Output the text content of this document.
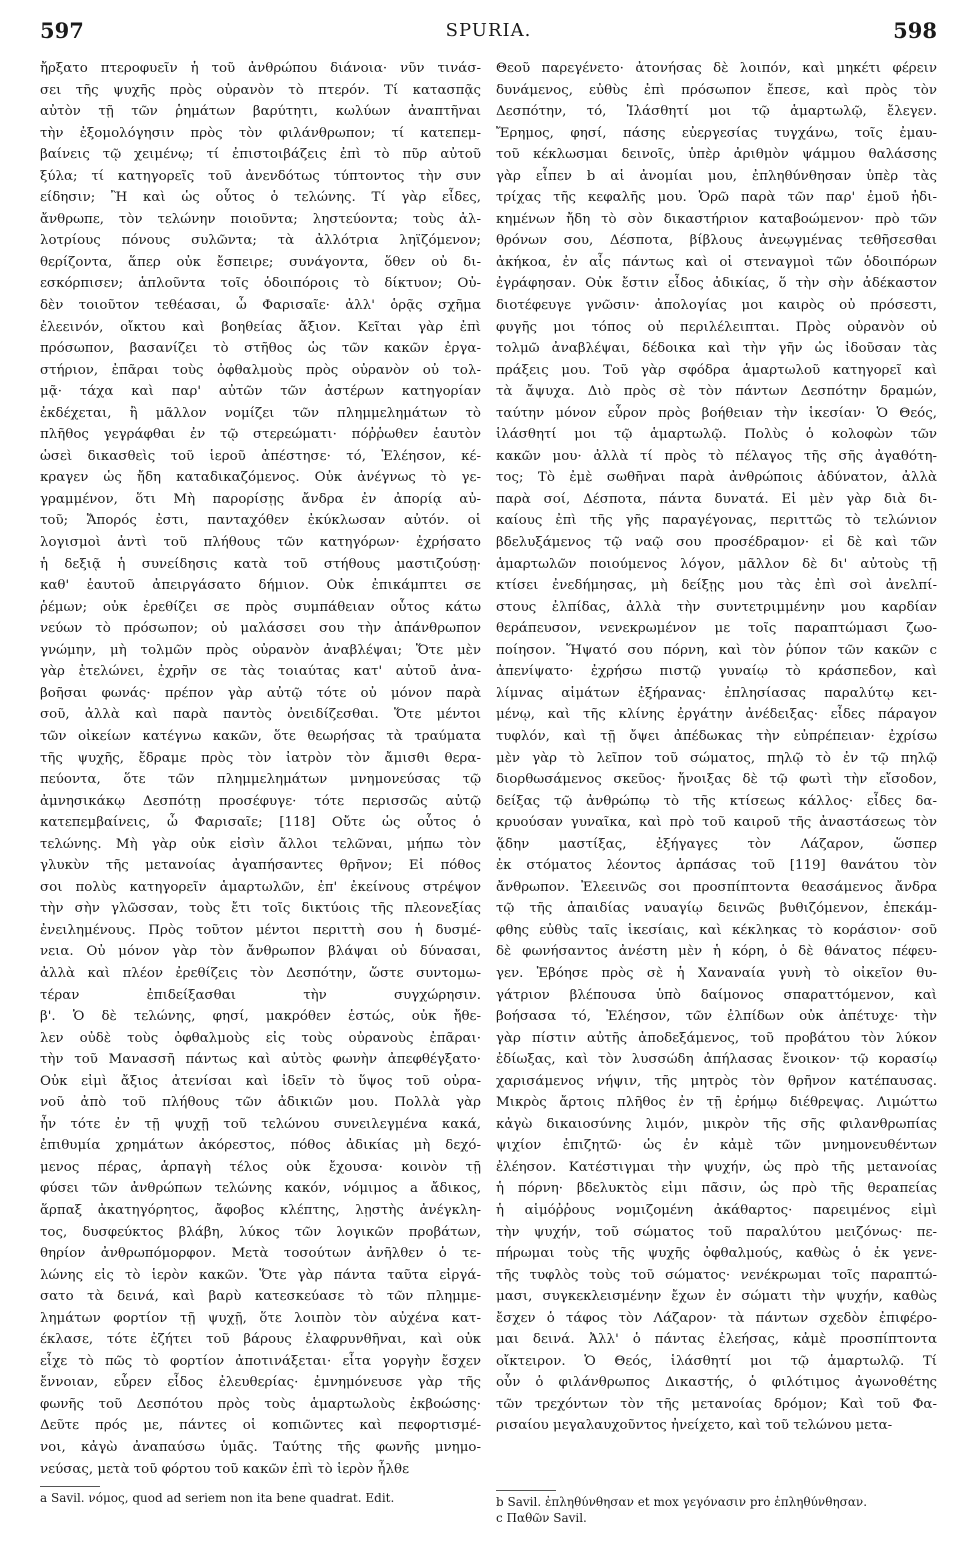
597	SPURIA.	598
ἤρξατο πτεροφυεῖν ἡ τοῦ ἀνθρώπου διάνοια· νῦν τινάσ-
σει τῆς ψυχῆς πρὸς οὐρανὸν τὸ πτερόν. Τί κατασπᾷς
αὐτὸν τῇ τῶν ῥημάτων βαρύτητι, κωλύων ἀναπτῆναι
τὴν ἐξομολόγησιν πρὸς τὸν φιλάνθρωπον; τί κατεπεμ-
βαίνεις τῷ χειμένῳ; τί ἐπιστοιβάζεις ἐπὶ τὸ πῦρ αὐτοῦ
ξύλα; τί κατηγορεῖς τοῦ ἀνενδότως τύπτοντος τὴν συν
είδησιν; Ἢ καὶ ὡς οὗτος ὁ τελώνης. Τί γὰρ εἶδες,
ἄνθρωπε, τὸν τελώνην ποιοῦντα; ληστεύοντα; τοὺς ἀλ-
λοτρίους πόνους συλῶντα; τὰ ἀλλότρια ληϊζόμενον;
θερίζοντα, ἅπερ οὐκ ἔσπειρε; συνάγοντα, ὅθεν οὐ δι-
εσκόρπισεν; ἁπλοῦντα τοῖς ὁδοιπόροις τὸ δίκτυον; Οὐ-
δὲν τοιοῦτον τεθέασαι, ὦ Φαρισαῖε· ἀλλ' ὁρᾷς σχῆμα
ἐλεεινόν, οἴκτου καὶ βοηθείας ἄξιον. Κεῖται γὰρ ἐπὶ
πρόσωπον, βασανίζει τὸ στῆθος ὡς τῶν κακῶν ἐργα-
στήριον, ἐπᾶραι τοὺς ὀφθαλμοὺς πρὸς οὐρανὸν οὐ τολ-
μᾷ· τάχα καὶ παρ' αὐτῶν τῶν ἀστέρων κατηγορίαν
ἐκδέχεται, ἢ μᾶλλον νομίζει τῶν πλημμελημάτων τὸ
πλῆθος γεγράφθαι ἐν τῷ στερεώματι· πόῤῥωθεν ἑαυτὸν
ὡσεὶ δικασθεὶς τοῦ ἱεροῦ ἀπέστησε· τό, Ἐλέησον, κέ-
κραγεν ὡς ἤδη καταδικαζόμενος. Οὐκ ἀνέγνως τὸ γε-
γραμμένον, ὅτι Μὴ παρορίσῃς ἄνδρα ἐν ἀπορίᾳ αὐ-
τοῦ; Ἄπορός ἐστι, πανταχόθεν ἐκύκλωσαν αὐτόν. οἱ
λογισμοὶ ἀντὶ τοῦ πλήθους τῶν κατηγόρων· ἐχρήσατο
ἡ δεξιᾷ ἡ συνείδησις κατὰ τοῦ στήθους μαστιζούσῃ·
καθ' ἑαυτοῦ ἀπειργάσατο δήμιον. Οὐκ ἐπικάμπτει σε
ῥέμων; οὐκ ἐρεθίζει σε πρὸς συμπάθειαν οὗτος κάτω
νεύων τὸ πρόσωπον; οὐ μαλάσσει σου τὴν ἀπάνθρωπον
γνώμην, μὴ τολμῶν πρὸς οὐρανὸν ἀναβλέψαι; Ὅτε μὲν
γὰρ ἐτελώνει, ἐχρῆν σε τὰς τοιαύτας κατ' αὐτοῦ ἀνα-
βοῆσαι φωνάς· πρέπον γὰρ αὐτῷ τότε οὐ μόνον παρὰ
σοῦ, ἀλλὰ καὶ παρὰ παντὸς ὀνειδίζεσθαι. Ὅτε μέντοι
τῶν οἰκείων κατέγνω κακῶν, ὅτε θεωρήσας τὰ τραύματα
τῆς ψυχῆς, ἔδραμε πρὸς τὸν ἰατρὸν τὸν ἄμισθι θερα-
πεύοντα, ὅτε τῶν πλημμελημάτων μνημονεύσας τῷ
ἀμνησικάκῳ Δεσπότῃ προσέφυγε· τότε περισσῶς αὐτῷ
κατεπεμβαίνεις, ὦ Φαρισαῖε; [118] Οὔτε ὡς οὗτος ὁ
τελώνης. Μὴ γὰρ οὐκ εἰσὶν ἄλλοι τελῶναι, μήπω τὸν
γλυκὺν τῆς μετανοίας ἀγαπήσαντες θρῆνον; Εἰ πόθος
σοι πολὺς κατηγορεῖν ἁμαρτωλῶν, ἐπ' ἐκείνους στρέψον
τὴν σὴν γλῶσσαν, τοὺς ἔτι τοῖς δικτύοις τῆς πλεονεξίας
ἐνειλημένους. Πρὸς τοῦτον μέντοι περιττὴ σου ἡ δυσμέ-
νεια. Οὐ μόνον γὰρ τὸν ἄνθρωπον βλάψαι οὐ δύνασαι,
ἀλλὰ καὶ πλέον ἐρεθίζεις τὸν Δεσπότην, ὥστε συντομω-
τέραν ἐπιδείξασθαι τὴν συγχώρησιν.
β'. Ὁ δὲ τελώνης, φησί, μακρόθεν ἑστώς, οὐκ ἤθε-
λεν οὐδὲ τοὺς ὀφθαλμοὺς εἰς τοὺς οὐρανοὺς ἐπᾶραι·
τὴν τοῦ Μανασσῆ πάντως καὶ αὐτὸς φωνὴν ἀπεφθέγξατο·
Οὐκ εἰμὶ ἄξιος ἀτενίσαι καὶ ἰδεῖν τὸ ὕψος τοῦ οὐρα-
νοῦ ἀπὸ τοῦ πλήθους τῶν ἀδικιῶν μου. Πολλὰ γὰρ
ἦν τότε ἐν τῇ ψυχῇ τοῦ τελώνου συνειλεγμένα κακά,
ἐπιθυμία χρημάτων ἀκόρεστος, πόθος ἀδικίας μὴ δεχό-
μενος πέρας, ἁρπαγὴ τέλος οὐκ ἔχουσα· κοινὸν τῇ
φύσει τῶν ἀνθρώπων τελώνης κακόν, νόμιμος a ἄδικος,
ἅρπαξ ἀκατηγόρητος, ἄφοβος κλέπτης, λῃστὴς ἀνέγκλη-
τος, δυσφεύκτος βλάβη, λύκος τῶν λογικῶν προβάτων,
θηρίον ἀνθρωπόμορφον. Μετὰ τοσούτων ἀνῆλθεν ὁ τε-
λώνης εἰς τὸ ἱερὸν κακῶν. Ὅτε γὰρ πάντα ταῦτα εἰργά-
σατο τὰ δεινά, καὶ βαρὺ κατεσκεύασε τὸ τῶν πλημμε-
λημάτων φορτίον τῇ ψυχῇ, ὅτε λοιπὸν τὸν αὐχένα κατ-
έκλασε, τότε ἐζήτει τοῦ βάρους ἐλαφρυνθῆναι, καὶ οὐκ
εἶχε τὸ πῶς τὸ φορτίον ἀποτινάξεται· εἶτα γοργὴν ἔσχεν
ἔννοιαν, εὗρεν εἶδος ἐλευθερίας· ἐμνημόνευσε γὰρ τῆς
φωνῆς τοῦ Δεσπότου πρὸς τοὺς ἁμαρτωλοὺς ἐκβοώσης·
Δεῦτε πρός με, πάντες οἱ κοπιῶντες καὶ πεφορτισμέ-
νοι, κἀγὼ ἀναπαύσω ὑμᾶς. Ταύτης τῆς φωνῆς μνημο-
νεύσας, μετὰ τοῦ φόρτου τοῦ κακῶν ἐπὶ τὸ ἱερὸν ἦλθε
Θεοῦ παρεγένετο· ἀτονήσας δὲ λοιπόν, καὶ μηκέτι φέρειν
δυνάμενος, εὐθὺς ἐπὶ πρόσωπον ἔπεσε, καὶ πρὸς τὸν
Δεσπότην, τό, Ἱλάσθητί μοι τῷ ἁμαρτωλῷ, ἔλεγεν.
Ἔρημος, φησί, πάσης εὐεργεσίας τυγχάνω, τοῖς ἐμαυ-
τοῦ κέκλωσμαι δεινοῖς, ὑπὲρ ἀριθμὸν ψάμμου θαλάσσης
γὰρ εἶπεν b αἱ ἀνομίαι μου, ἐπληθύνθησαν ὑπὲρ τὰς
τρίχας τῆς κεφαλῆς μου. Ὁρῶ παρὰ τῶν παρ' ἐμοῦ ἠδι-
κημένων ἤδη τὸ σὸν δικαστήριον καταβοώμενον· πρὸ τῶν
θρόνων σου, Δέσποτα, βίβλους ἀνεῳγμένας τεθῆσεσθαι
ἀκήκοα, ἐν αἷς πάντως καὶ οἱ στεναγμοὶ τῶν ὁδοιπόρων
ἐγράφησαν. Οὐκ ἔστιν εἶδος ἀδικίας, ὅ τὴν σὴν ἀδέκαστον
διοτέφευγε γνῶσιν· ἀπολογίας μοι καιρὸς οὐ πρόσεστι,
φυγῆς μοι τόπος οὐ περιλέλειπται. Πρὸς οὐρανὸν οὐ
τολμῶ ἀναβλέψαι, δέδοικα καὶ τὴν γῆν ὡς ἰδοῦσαν τὰς
πράξεις μου. Τοῦ γὰρ σφόδρα ἁμαρτωλοῦ κατηγορεῖ καὶ
τὰ ἄψυχα. Διὸ πρὸς σὲ τὸν πάντων Δεσπότην δραμών,
ταύτην μόνον εὗρον πρὸς βοήθειαν τὴν ἱκεσίαν· Ὁ Θεός,
ἱλάσθητί μοι τῷ ἁμαρτωλῷ. Πολὺς ὁ κολοφὼν τῶν
κακῶν μου· ἀλλὰ τί πρὸς τὸ πέλαγος τῆς σῆς ἀγαθότη-
τος; Τὸ ἐμὲ σωθῆναι παρὰ ἀνθρώποις ἀδύνατον, ἀλλὰ
παρὰ σοί, Δέσποτα, πάντα δυνατά. Εἰ μὲν γὰρ διὰ δι-
καίους ἐπὶ τῆς γῆς παραγέγονας, περιττῶς τὸ τελώνιον
βδελυξάμενος τῷ ναῷ σου προσέδραμον· εἰ δὲ καὶ τῶν
ἁμαρτωλῶν ποιούμενος λόγον, μᾶλλον δὲ δι' αὐτοὺς τῇ
κτίσει ἐνεδήμησας, μὴ δείξῃς μου τὰς ἐπὶ σοὶ ἀνελπί-
στους ἐλπίδας, ἀλλὰ τὴν συντετριμμένην μου καρδίαν
θεράπευσον, νενεκρωμένον με τοῖς παραπτώμασι ζωο-
ποίησον. Ἥψατό σου πόρνη, καὶ τὸν ῥύπον τῶν κακῶν c
ἀπενίψατο· ἐχρήσω πιστῷ γυναίῳ τὸ κράσπεδον, καὶ
λίμνας αἱμάτων ἐξήρανας· ἐπλησίασας παραλύτῳ κει-
μένῳ, καὶ τῆς κλίνης ἐργάτην ἀνέδειξας· εἶδες πάραγον
τυφλόν, καὶ τῇ ὄψει ἀπέδωκας τὴν εὐπρέπειαν· ἐχρίσω
μὲν γὰρ τὸ λεῖπον τοῦ σώματος, πηλῷ τὸ ἐν τῷ πηλῷ
διορθωσάμενος σκεῦος· ἤνοιξας δὲ τῷ φωτὶ τὴν εἴσοδον,
δείξας τῷ ἀνθρώπῳ τὸ τῆς κτίσεως κάλλος· εἶδες δα-
κρυούσαν γυναῖκα, καὶ πρὸ τοῦ καιροῦ τῆς ἀναστάσεως τὸν
ᾅδην μαστίξας, ἐξήγαγες τὸν Λάζαρον, ὥσπερ
ἐκ στόματος λέοντος ἁρπάσας τοῦ [119] θανάτου τὸν
ἄνθρωπον. Ἐλεεινῶς σοι προσπίπτοντα θεασάμενος ἄνδρα
τῷ τῆς ἀπαιδίας ναυαγίῳ δεινῶς βυθιζόμενον, ἐπεκάμ-
φθης εὐθὺς ταῖς ἱκεσίαις, καὶ κέκληκας τὸ κοράσιον· σοῦ
δὲ φωνήσαντος ἀνέστη μὲν ἡ κόρη, ὁ δὲ θάνατος πέφευ-
γεν. Ἐβόησε πρὸς σὲ ἡ Χαναναία γυνὴ τὸ οἰκεῖον θυ-
γάτριον βλέπουσα ὑπὸ δαίμονος σπαραττόμενον, καὶ
βοήσασα τό, Ἐλέησον, τῶν ἐλπίδων οὐκ ἀπέτυχε· τὴν
γὰρ πίστιν αὐτῆς ἀποδεξάμενος, τοῦ προβάτου τὸν λύκον
ἐδίωξας, καὶ τὸν λυσσώδη ἀπήλασας ἔνοικον· τῷ κορασίῳ
χαρισάμενος νήψιν, τῆς μητρὸς τὸν θρῆνον κατέπαυσας.
Μικρὸς ἄρτοις πλῆθος ἐν τῇ ἐρήμῳ διέθρεψας. Λιμώττω
κἀγὼ δικαιοσύνης λιμόν, μικρὸν τῆς σῆς φιλανθρωπίας
ψιχίον ἐπιζητῶ· ὡς ἐν κἀμὲ τῶν μνημονευθέντων
ἐλέησον. Κατέστιγμαι τὴν ψυχήν, ὡς πρὸ τῆς μετανοίας
ἡ πόρνη· βδελυκτὸς εἰμι πᾶσιν, ὡς πρὸ τῆς θεραπείας
ἡ αἱμόῤῥους νομιζομένη ἀκάθαρτος· παρειμένος εἰμὶ
τὴν ψυχήν, τοῦ σώματος τοῦ παραλύτου μειζόνως· πε-
πήρωμαι τοὺς τῆς ψυχῆς ὀφθαλμούς, καθὼς ὁ ἐκ γενε-
τῆς τυφλὸς τοὺς τοῦ σώματος· νενέκρωμαι τοῖς παραπτώ-
μασι, συγκεκλεισμένην ἔχων ἐν σώματι τὴν ψυχήν, καθὼς
ἔσχεν ὁ τάφος τὸν Λάζαρον· τὰ πάντων σχεδὸν ἐπιφέρο-
μαι δεινά. Ἀλλ' ὁ πάντας ἐλεήσας, κἀμὲ προσπίπτοντα
οἴκτειρον. Ὁ Θεός, ἱλάσθητί μοι τῷ ἁμαρτωλῷ. Τί
οὖν ὁ φιλάνθρωπος Δικαστής, ὁ φιλότιμος ἀγωνοθέτης
τῶν τρεχόντων τὸν τῆς μετανοίας δρόμον; Καὶ τοῦ Φα-
ρισαίου μεγαλαυχοῦντος ἠνείχετο, καὶ τοῦ τελώνου μετα-
a Savil. νόμος, quod ad seriem non ita bene quadrat. Edit.	b Savil. ἐπληθύνθησαν et mox γεγόνασιν pro ἐπληθύνθησαν.
c Παθῶν Savil.
